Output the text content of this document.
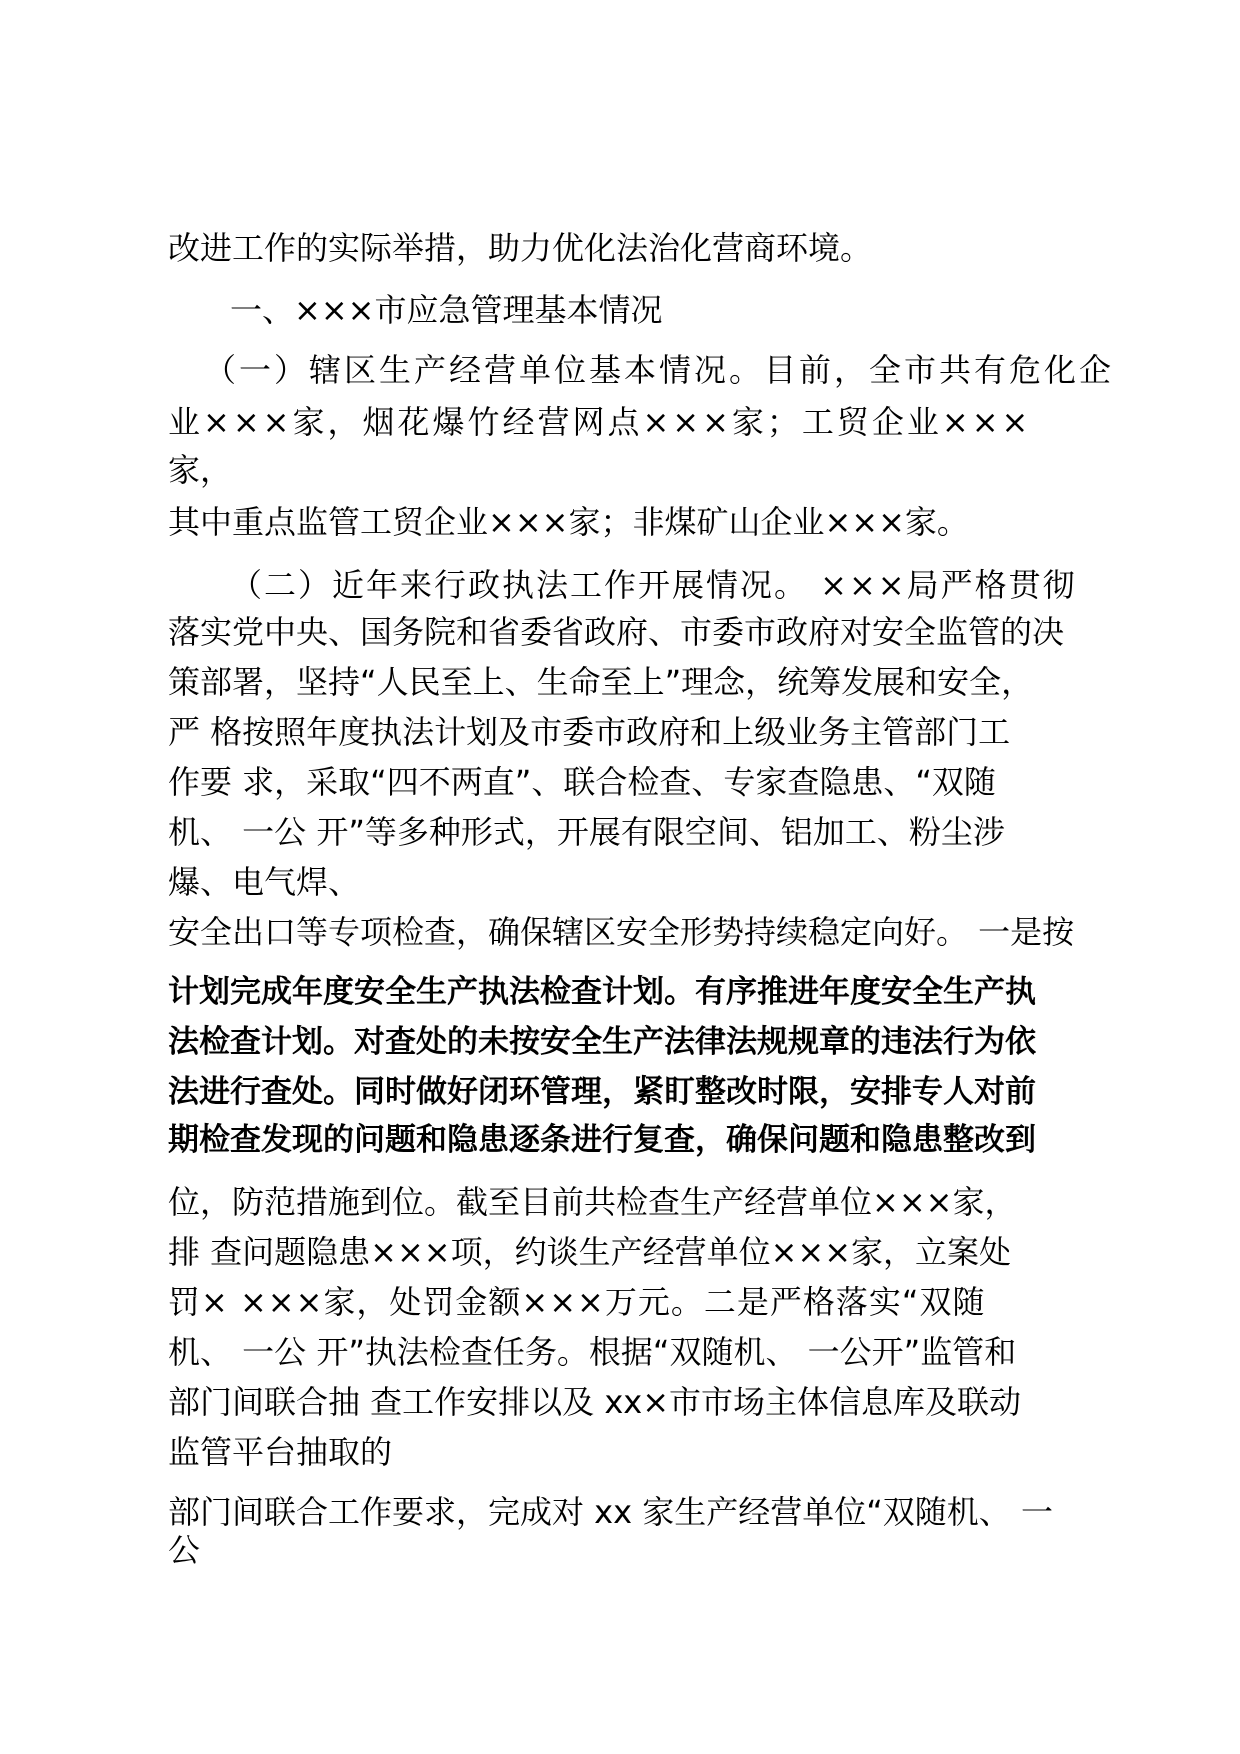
改进工作的实际举措，助力优化法治化营商环境。
一、×××市应急管理基本情况
（一）辖区生产经营单位基本情况。目前，全市共有危化企
业×××家，烟花爆竹经营网点×××家；工贸企业×××
家，
其中重点监管工贸企业×××家；非煤矿山企业×××家。
（二）近年来行政执法工作开展情况。 ×××局严格贯彻
落实党中央、国务院和省委省政府、市委市政府对安全监管的决
策部署，坚持“人民至上、生命至上”理念，统筹发展和安全，
严 格按照年度执法计划及市委市政府和上级业务主管部门工
作要 求，采取“四不两直”、联合检查、专家查隐患、“双随
机、 一公 开”等多种形式，开展有限空间、铝加工、粉尘涉
爆、电气焊、
安全出口等专项检查，确保辖区安全形势持续稳定向好。 一是按
计划完成年度安全生产执法检查计划。有序推进年度安全生产执
法检查计划。对查处的未按安全生产法律法规规章的违法行为依
法进行查处。同时做好闭环管理，紧盯整改时限，安排专人对前
期检查发现的问题和隐患逐条进行复查，确保问题和隐患整改到
位，防范措施到位。截至目前共检查生产经营单位×××家，
排 查问题隐患×××项，约谈生产经营单位×××家，立案处
罚× ×××家，处罚金额×××万元。二是严格落实“双随
机、 一公 开”执法检查任务。根据“双随机、 一公开”监管和
部门间联合抽 查工作安排以及 xx×市市场主体信息库及联动
监管平台抽取的
部门间联合工作要求，完成对 xx 家生产经营单位“双随机、 一
公
